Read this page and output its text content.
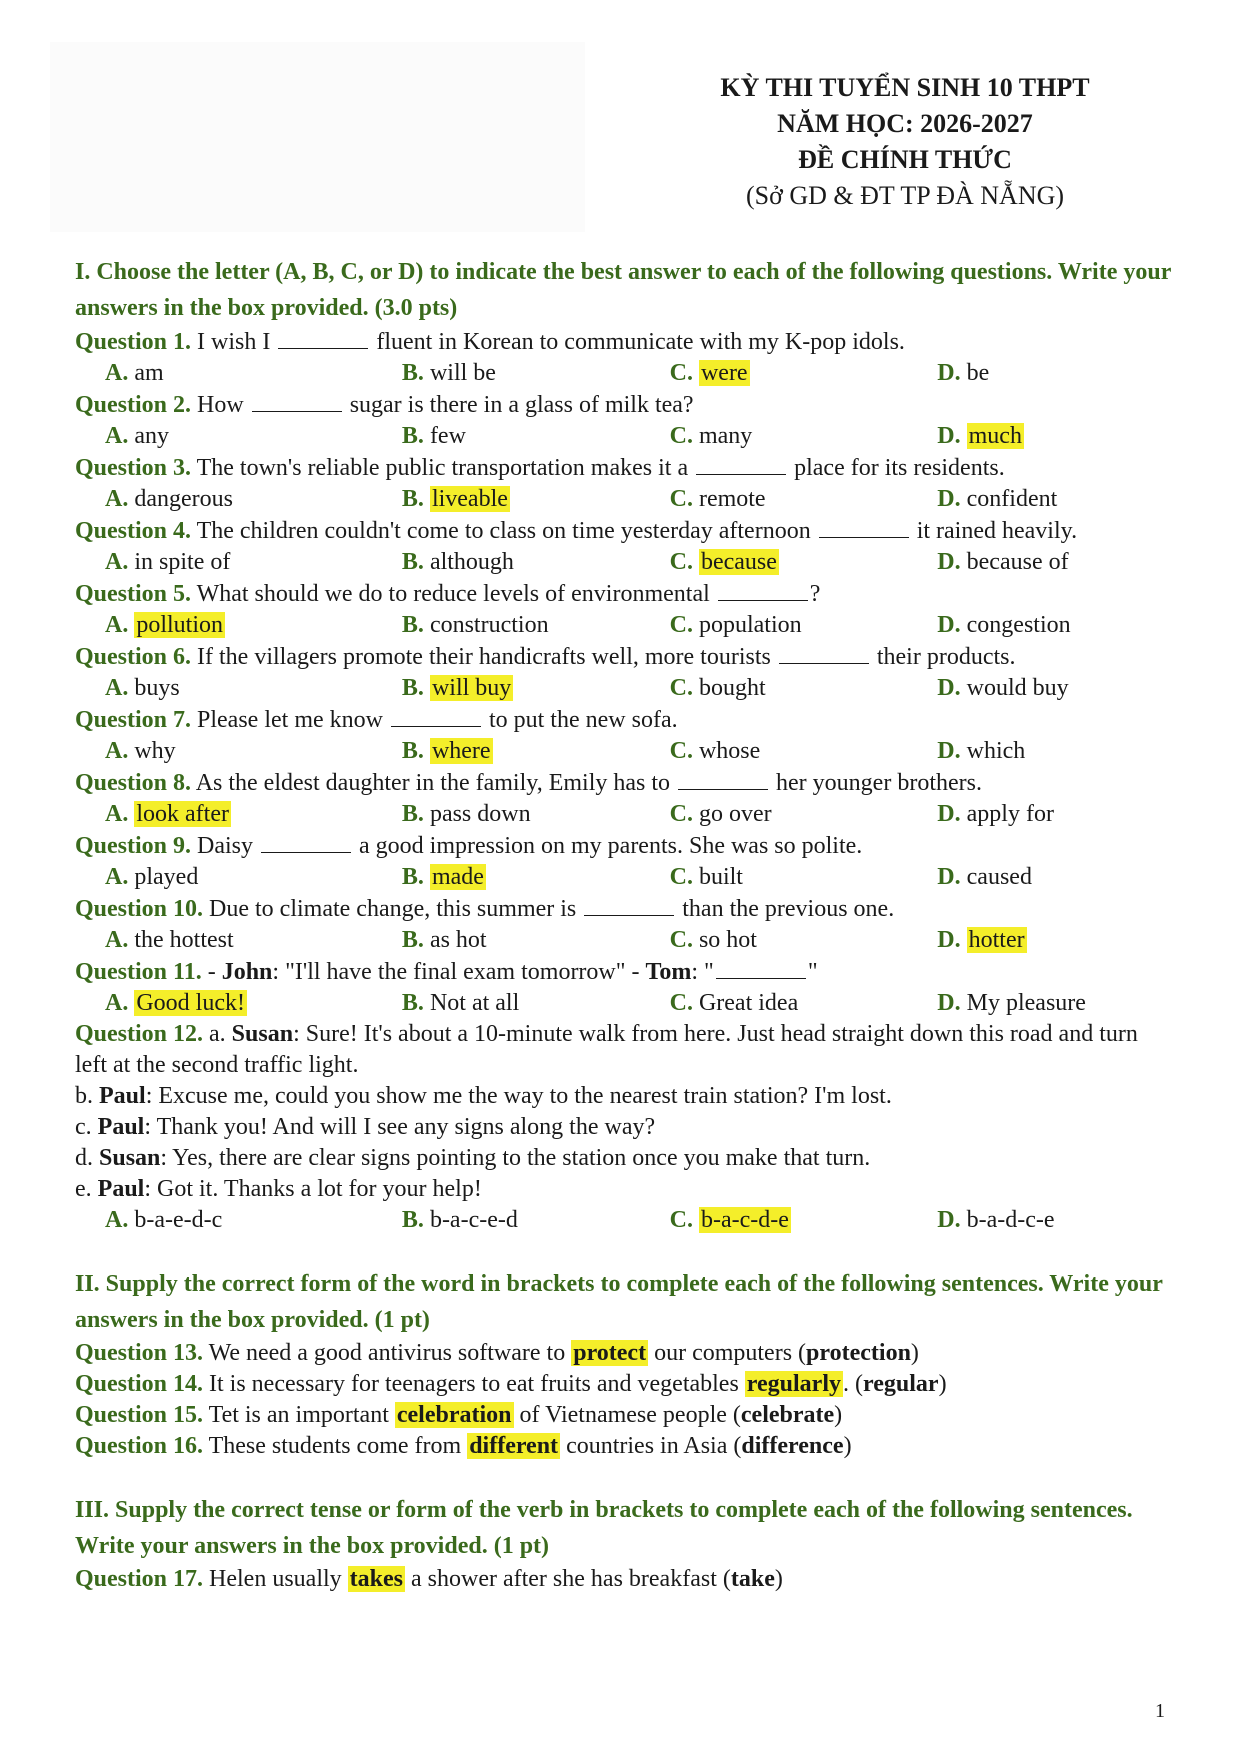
KỲ THI TUYỂN SINH 10 THPT
NĂM HỌC: 2026-2027
ĐỀ CHÍNH THỨC
(Sở GD & ĐT TP ĐÀ NẴNG)
I. Choose the letter (A, B, C, or D) to indicate the best answer to each of the following questions. Write your answers in the box provided. (3.0 pts)
Question 1. I wish I	fluent in Korean to communicate with my K-pop idols.
A. am	B. will be	C. were	D. be
Question 2. How	sugar is there in a glass of milk tea?
A. any	B. few	C. many	D. much
Question 3. The town's reliable public transportation makes it a	place for its residents.
A. dangerous	B. liveable	C. remote	D. confident
Question 4. The children couldn't come to class on time yesterday afternoon	it rained heavily.
A. in spite of	B. although	C. because	D. because of
Question 5. What should we do to reduce levels of environmental	?
A. pollution	B. construction	C. population	D. congestion
Question 6. If the villagers promote their handicrafts well, more tourists	their products.
A. buys	B. will buy	C. bought	D. would buy
Question 7. Please let me know	to put the new sofa.
A. why	B. where	C. whose	D. which
Question 8. As the eldest daughter in the family, Emily has to	her younger brothers.
A. look after	B. pass down	C. go over	D. apply for
Question 9. Daisy	a good impression on my parents. She was so polite.
A. played	B. made	C. built	D. caused
Question 10. Due to climate change, this summer is	than the previous one.
A. the hottest	B. as hot	C. so hot	D. hotter
Question 11. - John: "I'll have the final exam tomorrow" - Tom: "	"
A. Good luck!	B. Not at all	C. Great idea	D. My pleasure
Question 12. a. Susan: Sure! It's about a 10-minute walk from here. Just head straight down this road and turn left at the second traffic light.
b. Paul: Excuse me, could you show me the way to the nearest train station? I'm lost.
c. Paul: Thank you! And will I see any signs along the way?
d. Susan: Yes, there are clear signs pointing to the station once you make that turn.
e. Paul: Got it. Thanks a lot for your help!
A. b-a-e-d-c	B. b-a-c-e-d	C. b-a-c-d-e	D. b-a-d-c-e
II. Supply the correct form of the word in brackets to complete each of the following sentences. Write your answers in the box provided. (1 pt)
Question 13. We need a good antivirus software to protect our computers (protection)
Question 14. It is necessary for teenagers to eat fruits and vegetables regularly. (regular)
Question 15. Tet is an important celebration of Vietnamese people (celebrate)
Question 16. These students come from different countries in Asia (difference)
III. Supply the correct tense or form of the verb in brackets to complete each of the following sentences. Write your answers in the box provided. (1 pt)
Question 17. Helen usually takes a shower after she has breakfast (take)
1
